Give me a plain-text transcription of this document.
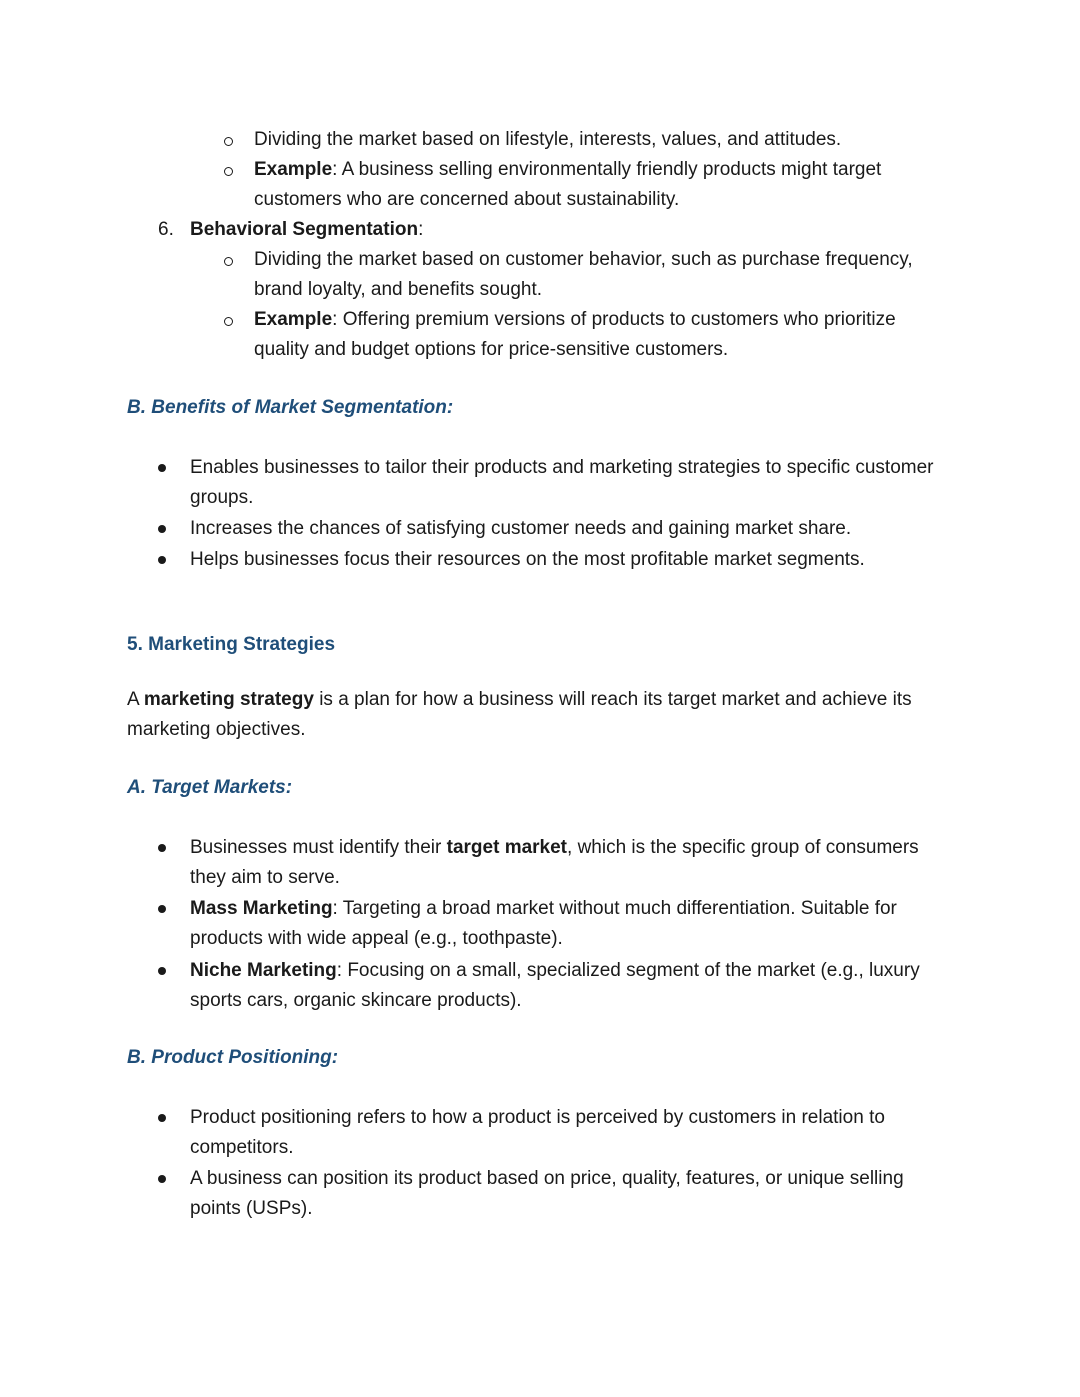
Dividing the market based on lifestyle, interests, values, and attitudes.
Example: A business selling environmentally friendly products might target
customers who are concerned about sustainability.
6. Behavioral Segmentation:
Dividing the market based on customer behavior, such as purchase frequency,
brand loyalty, and benefits sought.
Example: Offering premium versions of products to customers who prioritize
quality and budget options for price-sensitive customers.
B. Benefits of Market Segmentation:
Enables businesses to tailor their products and marketing strategies to specific customer
groups.
Increases the chances of satisfying customer needs and gaining market share.
Helps businesses focus their resources on the most profitable market segments.
5. Marketing Strategies
A marketing strategy is a plan for how a business will reach its target market and achieve its
marketing objectives.
A. Target Markets:
Businesses must identify their target market, which is the specific group of consumers
they aim to serve.
Mass Marketing: Targeting a broad market without much differentiation. Suitable for
products with wide appeal (e.g., toothpaste).
Niche Marketing: Focusing on a small, specialized segment of the market (e.g., luxury
sports cars, organic skincare products).
B. Product Positioning:
Product positioning refers to how a product is perceived by customers in relation to
competitors.
A business can position its product based on price, quality, features, or unique selling
points (USPs).
